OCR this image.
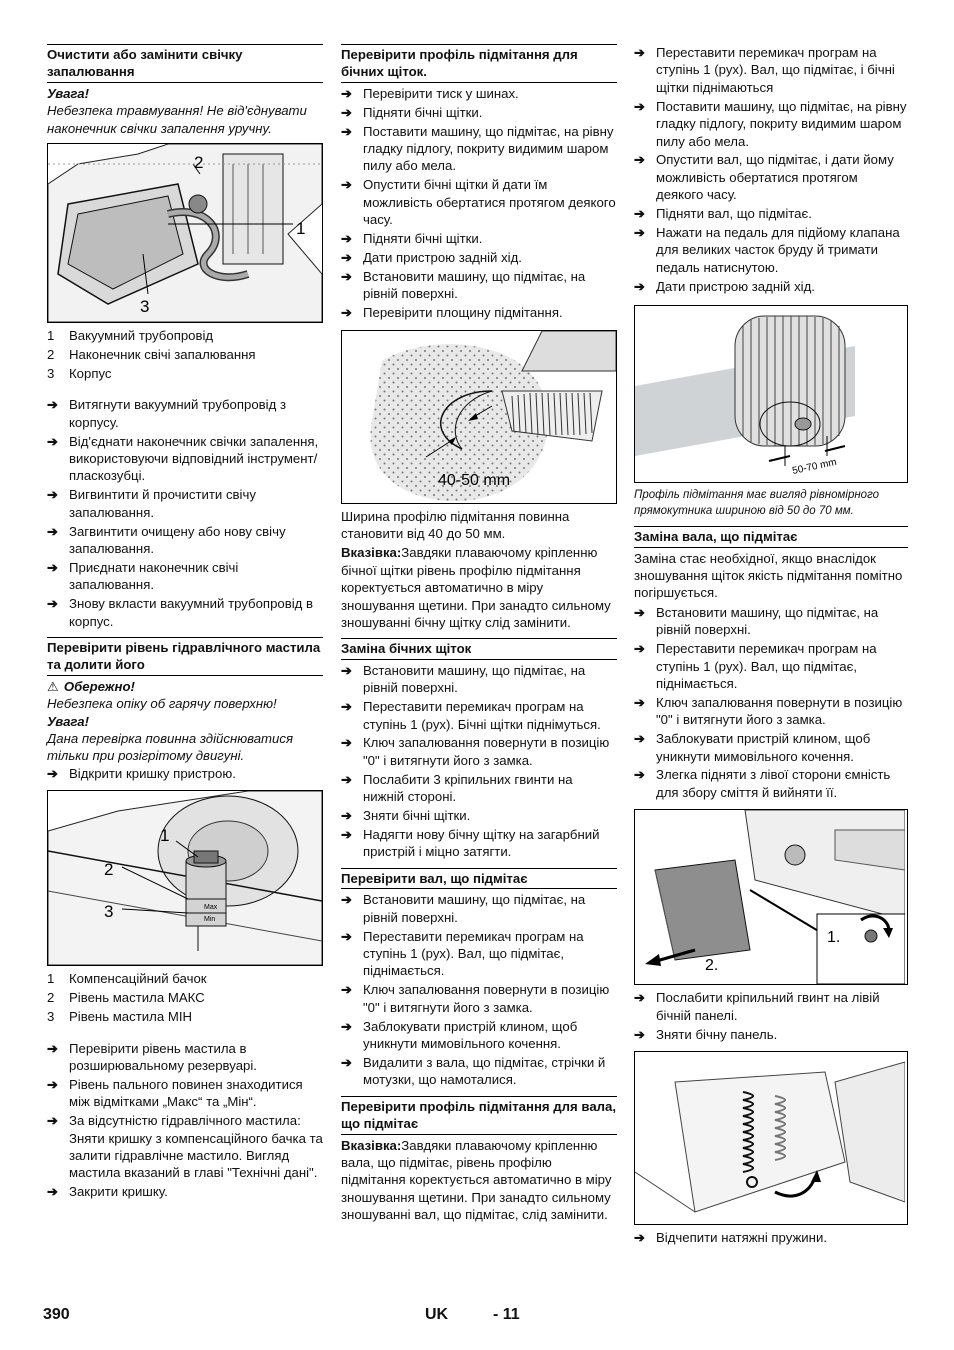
Очистити або замінити свічку запалювання

Увага!

Небезпека травмування! Не від'єднувати наконечник свічки запалення уручну.

2
1
3
1	Вакуумний трубопровід
2	Наконечник свічі запалювання
3	Корпус
➔ Витягнути вакуумний трубопровід з корпусу.
➔ Від'єднати наконечник свічки запалення, використовуючи відповідний інструмент/пласкозубці.
➔ Вигвинтити й прочистити свічу запалювання.
➔ Загвинтити очищену або нову свічу запалювання.
➔ Приєднати наконечник свічі запалювання.
➔ Знову вкласти вакуумний трубопровід в корпус.
Перевірити рівень гідравлічного мастила та долити його
⚠ Обережно!

Небезпека опіку об гарячу поверхню!

Увага!

Дана перевірка повинна здійснюватися тільки при розігрітому двигуні.

➔ Відкрити кришку пристрою.
1
2
3	Max
Min
1	Компенсаційний бачок
2	Рівень мастила МАКС
3	Рівень мастила МІН
➔ Перевірити рівень мастила в розширювальному резервуарі.
➔ Рівень пального повинен знаходитися між відмітками „Макс“ та „Мін“.
➔ За відсутністю гідравлічного мастила: Зняти кришку з компенсаційного бачка та залити гідравлічне мастило. Вигляд мастила вказаний в главі "Технічні дані".
➔ Закрити кришку.
Перевірити профіль підмітання для бічних щіток.
➔ Перевірити тиск у шинах.
➔ Підняти бічні щітки.
➔ Поставити машину, що підмітає, на рівну гладку підлогу, покриту видимим шаром пилу або мела.
➔ Опустити бічні щітки й дати їм можливість обертатися протягом деякого часу.
➔ Підняти бічні щітки.
➔ Дати пристрою задній хід.
➔ Встановити машину, що підмітає, на рівній поверхні.
➔ Перевірити площину підмітання.
40-50 mm

Ширина профілю підмітання повинна становити від 40 до 50 мм.

Вказівка:Завдяки плаваючому кріпленню бічної щітки рівень профілю підмітання коректується автоматично в міру зношування щетини. При занадто сильному зношуванні бічну щітку слід замінити.

Заміна бічних щіток
➔ Встановити машину, що підмітає, на рівній поверхні.
➔ Переставити перемикач програм на ступінь 1 (рух). Бічні щітки піднімуться.
➔ Ключ запалювання повернути в позицію "0" і витягнути його з замка.
➔ Послабити 3 кріпильних гвинти на нижній стороні.
➔ Зняти бічні щітки.
➔ Надягти нову бічну щітку на загарбний пристрій і міцно затягти.
Перевірити вал, що підмітає
➔ Встановити машину, що підмітає, на рівній поверхні.
➔ Переставити перемикач програм на ступінь 1 (рух). Вал, що підмітає, піднімається.
➔ Ключ запалювання повернути в позицію "0" і витягнути його з замка.
➔ Заблокувати пристрій клином, щоб уникнути мимовільного кочення.
➔ Видалити з вала, що підмітає, стрічки й мотузки, що намоталися.
Перевірити профіль підмітання для вала, що підмітає

Вказівка:Завдяки плаваючому кріпленню вала, що підмітає, рівень профілю підмітання коректується автоматично в міру зношування щетини. При занадто сильному зношуванні вал, що підмітає, слід замінити.

➔ Переставити перемикач програм на ступінь 1 (рух). Вал, що підмітає, і бічні щітки піднімаються
➔ Поставити машину, що підмітає, на рівну гладку підлогу, покриту видимим шаром пилу або мела.
➔ Опустити вал, що підмітає, і дати йому можливість обертатися протягом деякого часу.
➔ Підняти вал, що підмітає.
➔ Нажати на педаль для підйому клапана для великих часток бруду й тримати педаль натиснутою.
➔ Дати пристрою задній хід.
50-70 mm

Профіль підмітання має вигляд рівномірного прямокутника шириною від 50 до 70 мм.

Заміна вала, що підмітає

Заміна стає необхідної, якщо внаслідок зношування щіток якість підмітання помітно погіршується.

➔ Встановити машину, що підмітає, на рівній поверхні.
➔ Переставити перемикач програм на ступінь 1 (рух). Вал, що підмітає, піднімається.
➔ Ключ запалювання повернути в позицію "0" і витягнути його з замка.
➔ Заблокувати пристрій клином, щоб уникнути мимовільного кочення.
➔ Злегка підняти з лівої сторони ємність для збору сміття й вийняти її.
1.
2.
➔ Послабити кріпильний гвинт на лівій бічній панелі.
➔ Зняти бічну панель.
➔ Відчепити натяжні пружини.
390	UK	- 11
